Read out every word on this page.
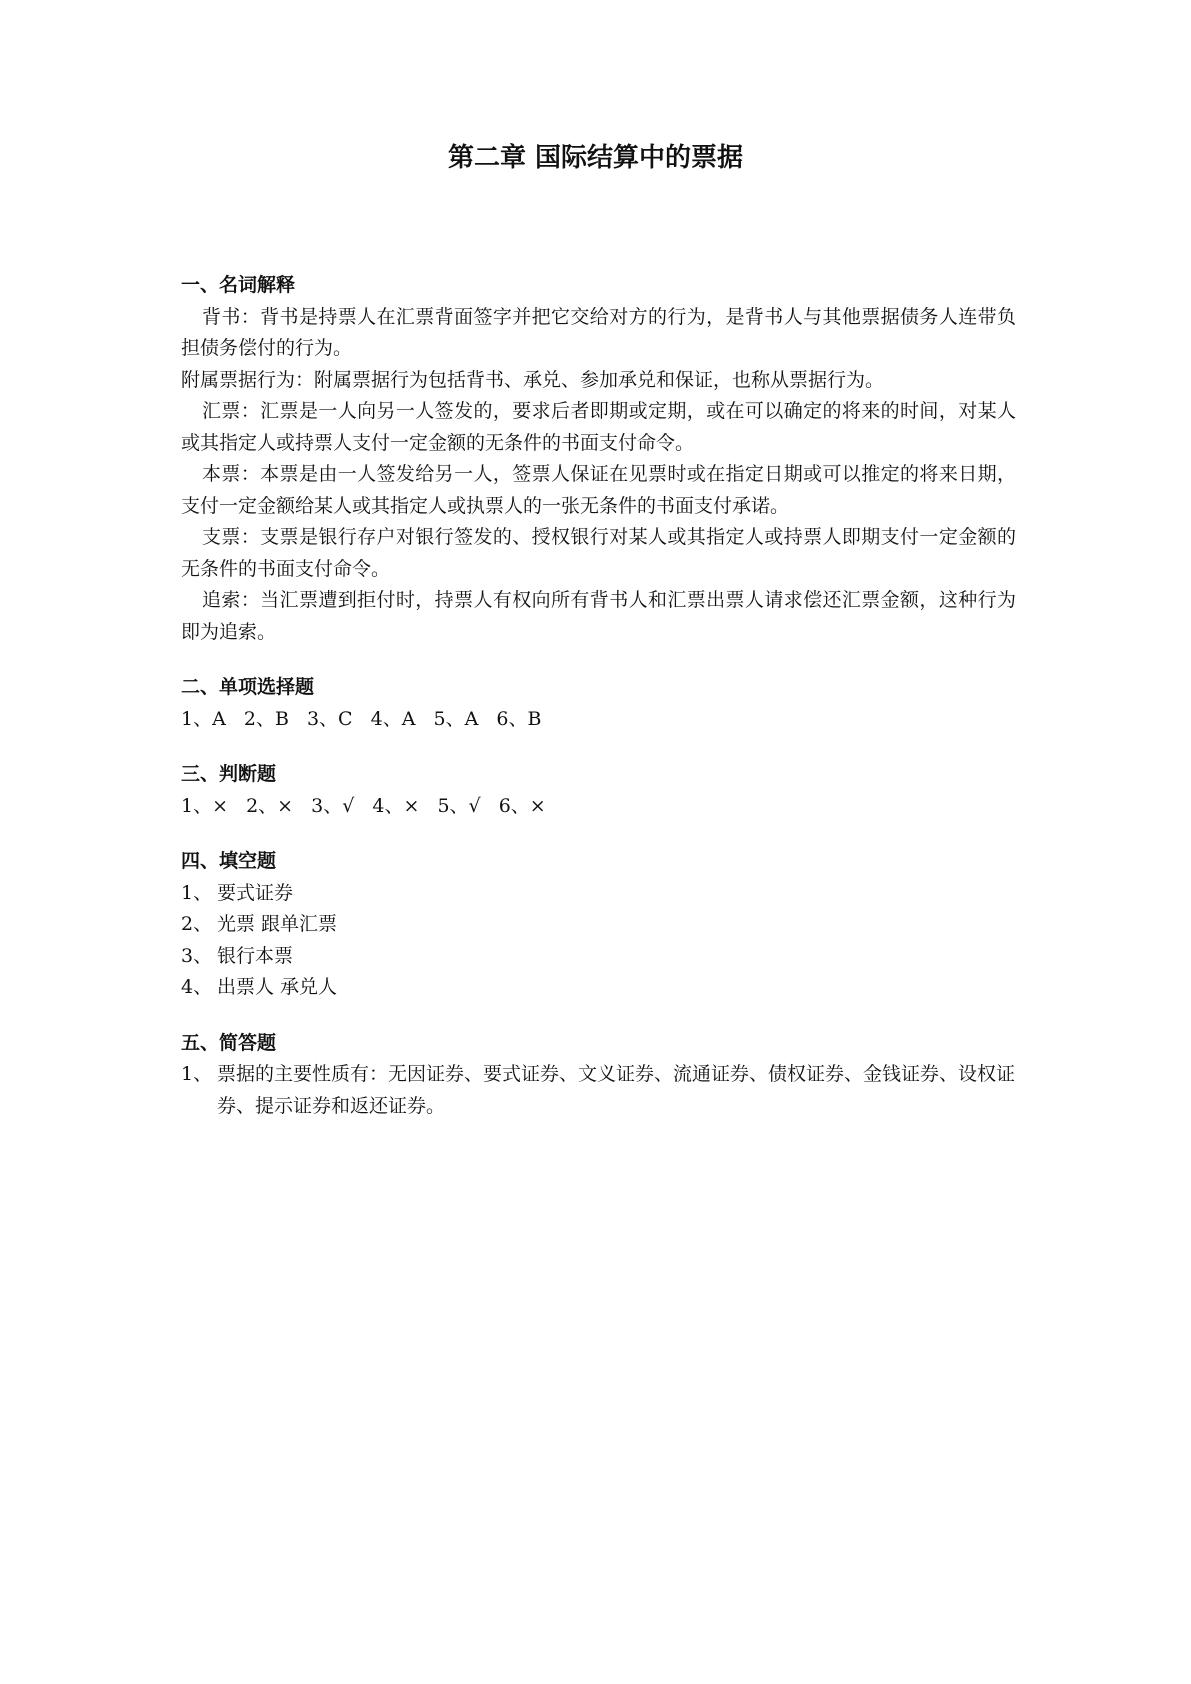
第二章 国际结算中的票据

一、名词解释

背书：背书是持票人在汇票背面签字并把它交给对方的行为，是背书人与其他票据债务人连带负担债务偿付的行为。

附属票据行为：附属票据行为包括背书、承兑、参加承兑和保证，也称从票据行为。

汇票：汇票是一人向另一人签发的，要求后者即期或定期，或在可以确定的将来的时间，对某人或其指定人或持票人支付一定金额的无条件的书面支付命令。

本票：本票是由一人签发给另一人，签票人保证在见票时或在指定日期或可以推定的将来日期，支付一定金额给某人或其指定人或执票人的一张无条件的书面支付承诺。

支票：支票是银行存户对银行签发的、授权银行对某人或其指定人或持票人即期支付一定金额的无条件的书面支付命令。

追索：当汇票遭到拒付时，持票人有权向所有背书人和汇票出票人请求偿还汇票金额，这种行为即为追索。

二、单项选择题

1、A 2、B 3、C 4、A 5、A 6、B

三、判断题

1、× 2、× 3、√ 4、× 5、√ 6、×

四、填空题

1、 要式证券
2、 光票 跟单汇票
3、 银行本票
4、 出票人 承兑人

五、简答题

1、 票据的主要性质有：无因证券、要式证券、文义证券、流通证券、债权证券、金钱证券、设权证券、提示证券和返还证券。
